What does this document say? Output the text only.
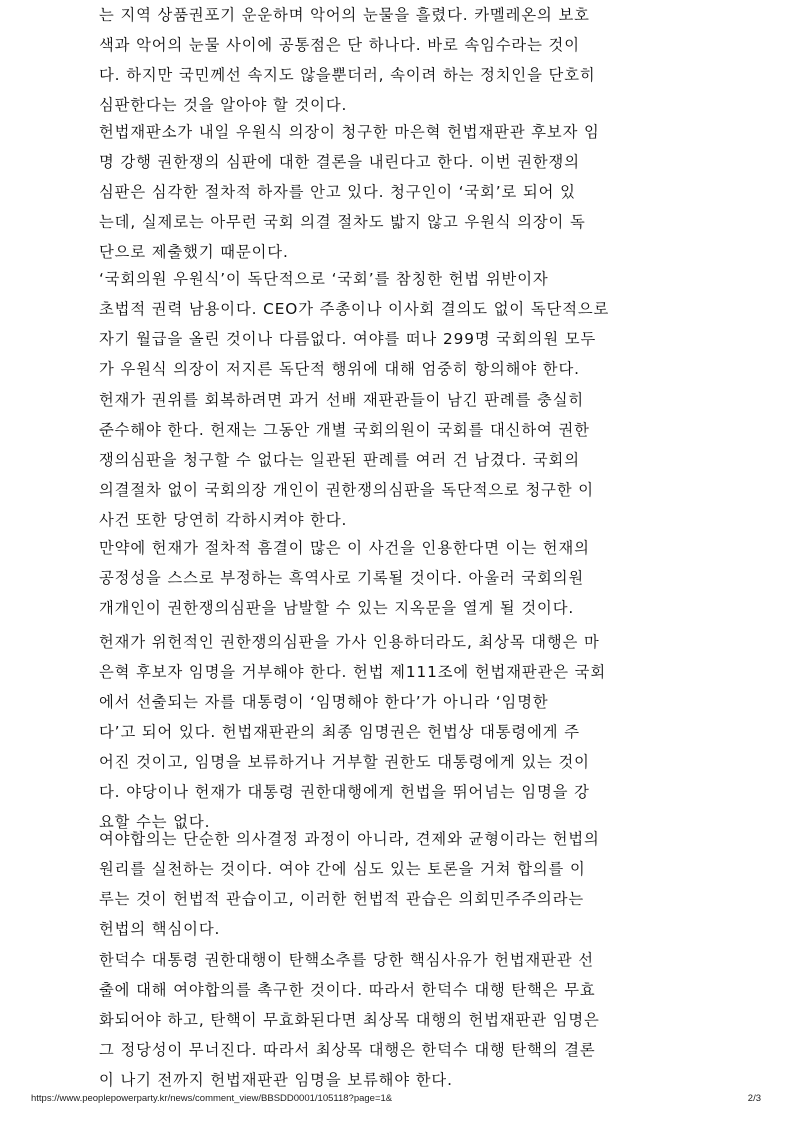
는 지역 상품권포기 운운하며 악어의 눈물을 흘렸다. 카멜레온의 보호
색과 악어의 눈물 사이에 공통점은 단 하나다. 바로 속임수라는 것이
다. 하지만 국민께선 속지도 않을뿐더러, 속이려 하는 정치인을 단호히
심판한다는 것을 알아야 할 것이다.
헌법재판소가 내일 우원식 의장이 청구한 마은혁 헌법재판관 후보자 임
명 강행 권한쟁의 심판에 대한 결론을 내린다고 한다. 이번 권한쟁의
심판은 심각한 절차적 하자를 안고 있다. 청구인이 ‘국회’로 되어 있
는데, 실제로는 아무런 국회 의결 절차도 밟지 않고 우원식 의장이 독
단으로 제출했기 때문이다.
‘국회의원 우원식’이 독단적으로 ‘국회’를 참칭한 헌법 위반이자
초법적 권력 남용이다. CEO가 주총이나 이사회 결의도 없이 독단적으로
자기 월급을 올린 것이나 다름없다. 여야를 떠나 299명 국회의원 모두
가 우원식 의장이 저지른 독단적 행위에 대해 엄중히 항의해야 한다.
헌재가 권위를 회복하려면 과거 선배 재판관들이 남긴 판례를 충실히
준수해야 한다. 헌재는 그동안 개별 국회의원이 국회를 대신하여 권한
쟁의심판을 청구할 수 없다는 일관된 판례를 여러 건 남겼다. 국회의
의결절차 없이 국회의장 개인이 권한쟁의심판을 독단적으로 청구한 이
사건 또한 당연히 각하시켜야 한다.
만약에 헌재가 절차적 흠결이 많은 이 사건을 인용한다면 이는 헌재의
공정성을 스스로 부정하는 흑역사로 기록될 것이다. 아울러 국회의원
개개인이 권한쟁의심판을 남발할 수 있는 지옥문을 열게 될 것이다.
헌재가 위헌적인 권한쟁의심판을 가사 인용하더라도, 최상목 대행은 마
은혁 후보자 임명을 거부해야 한다. 헌법 제111조에 헌법재판관은 국회
에서 선출되는 자를 대통령이 ‘임명해야 한다’가 아니라 ‘임명한
다’고 되어 있다. 헌법재판관의 최종 임명권은 헌법상 대통령에게 주
어진 것이고, 임명을 보류하거나 거부할 권한도 대통령에게 있는 것이
다. 야당이나 헌재가 대통령 권한대행에게 헌법을 뛰어넘는 임명을 강
요할 수는 없다.
여야합의는 단순한 의사결정 과정이 아니라, 견제와 균형이라는 헌법의
원리를 실천하는 것이다. 여야 간에 심도 있는 토론을 거쳐 합의를 이
루는 것이 헌법적 관습이고, 이러한 헌법적 관습은 의회민주주의라는
헌법의 핵심이다.
한덕수 대통령 권한대행이 탄핵소추를 당한 핵심사유가 헌법재판관 선
출에 대해 여야합의를 촉구한 것이다. 따라서 한덕수 대행 탄핵은 무효
화되어야 하고, 탄핵이 무효화된다면 최상목 대행의 헌법재판관 임명은
그 정당성이 무너진다. 따라서 최상목 대행은 한덕수 대행 탄핵의 결론
이 나기 전까지 헌법재판관 임명을 보류해야 한다.
https://www.peoplepowerparty.kr/news/comment_view/BBSDD0001/105118?page=1&	2/3
